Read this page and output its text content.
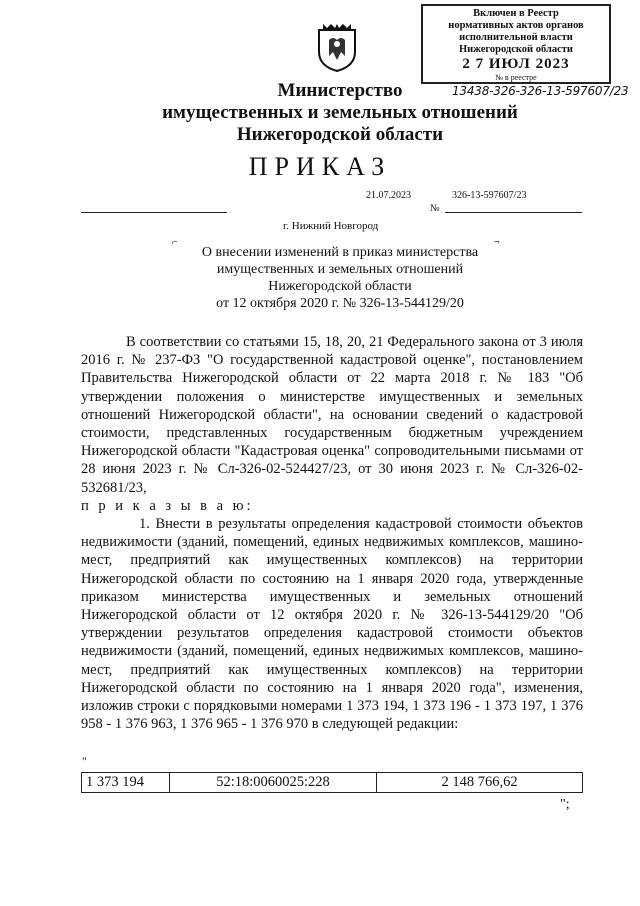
Включен в Реестр
нормативных актов органов
исполнительной власти
Нижегородской области
2 7 ИЮЛ 2023
№ в реестре
13438-326-326-13-597607/23
Министерство
имущественных и земельных отношений
Нижегородской области
ПРИКАЗ
21.07.2023	326-13-597607/23
№
г. Нижний Новгород
⌐	¬
О внесении изменений в приказ министерства
имущественных и земельных отношений
Нижегородской области
от 12 октября 2020 г. № 326-13-544129/20

В соответствии со статьями 15, 18, 20, 21 Федерального закона от 3 июля 2016 г. № 237-ФЗ "О государственной кадастровой оценке", постановлением Правительства Нижегородской области от 22 марта 2018 г. № 183 "Об утверждении положения о министерстве имущественных и земельных отношений Нижегородской области", на основании сведений о кадастровой стоимости, представленных государственным бюджетным учреждением Нижегородской области "Кадастровая оценка" сопроводительными письмами от 28 июня 2023 г. № Сл-326-02-524427/23, от 30 июня 2023 г. № Сл-326-02-532681/23,

п р и к а з ы в а ю:

1. Внести в результаты определения кадастровой стоимости объектов недвижимости (зданий, помещений, единых недвижимых комплексов, машино-мест, предприятий как имущественных комплексов) на территории Нижегородской области по состоянию на 1 января 2020 года, утвержденные приказом министерства имущественных и земельных отношений Нижегородской области от 12 октября 2020 г. № 326-13-544129/20 "Об утверждении результатов определения кадастровой стоимости объектов недвижимости (зданий, помещений, единых недвижимых комплексов, машино-мест, предприятий как имущественных комплексов) на территории Нижегородской области по состоянию на 1 января 2020 года", изменения, изложив строки с порядковыми номерами 1 373 194, 1 373 196 - 1 373 197, 1 376 958 - 1 376 963, 1 376 965 - 1 376 970 в следующей редакции:

"
1 373 194	52:18:0060025:228	2 148 766,62
";
